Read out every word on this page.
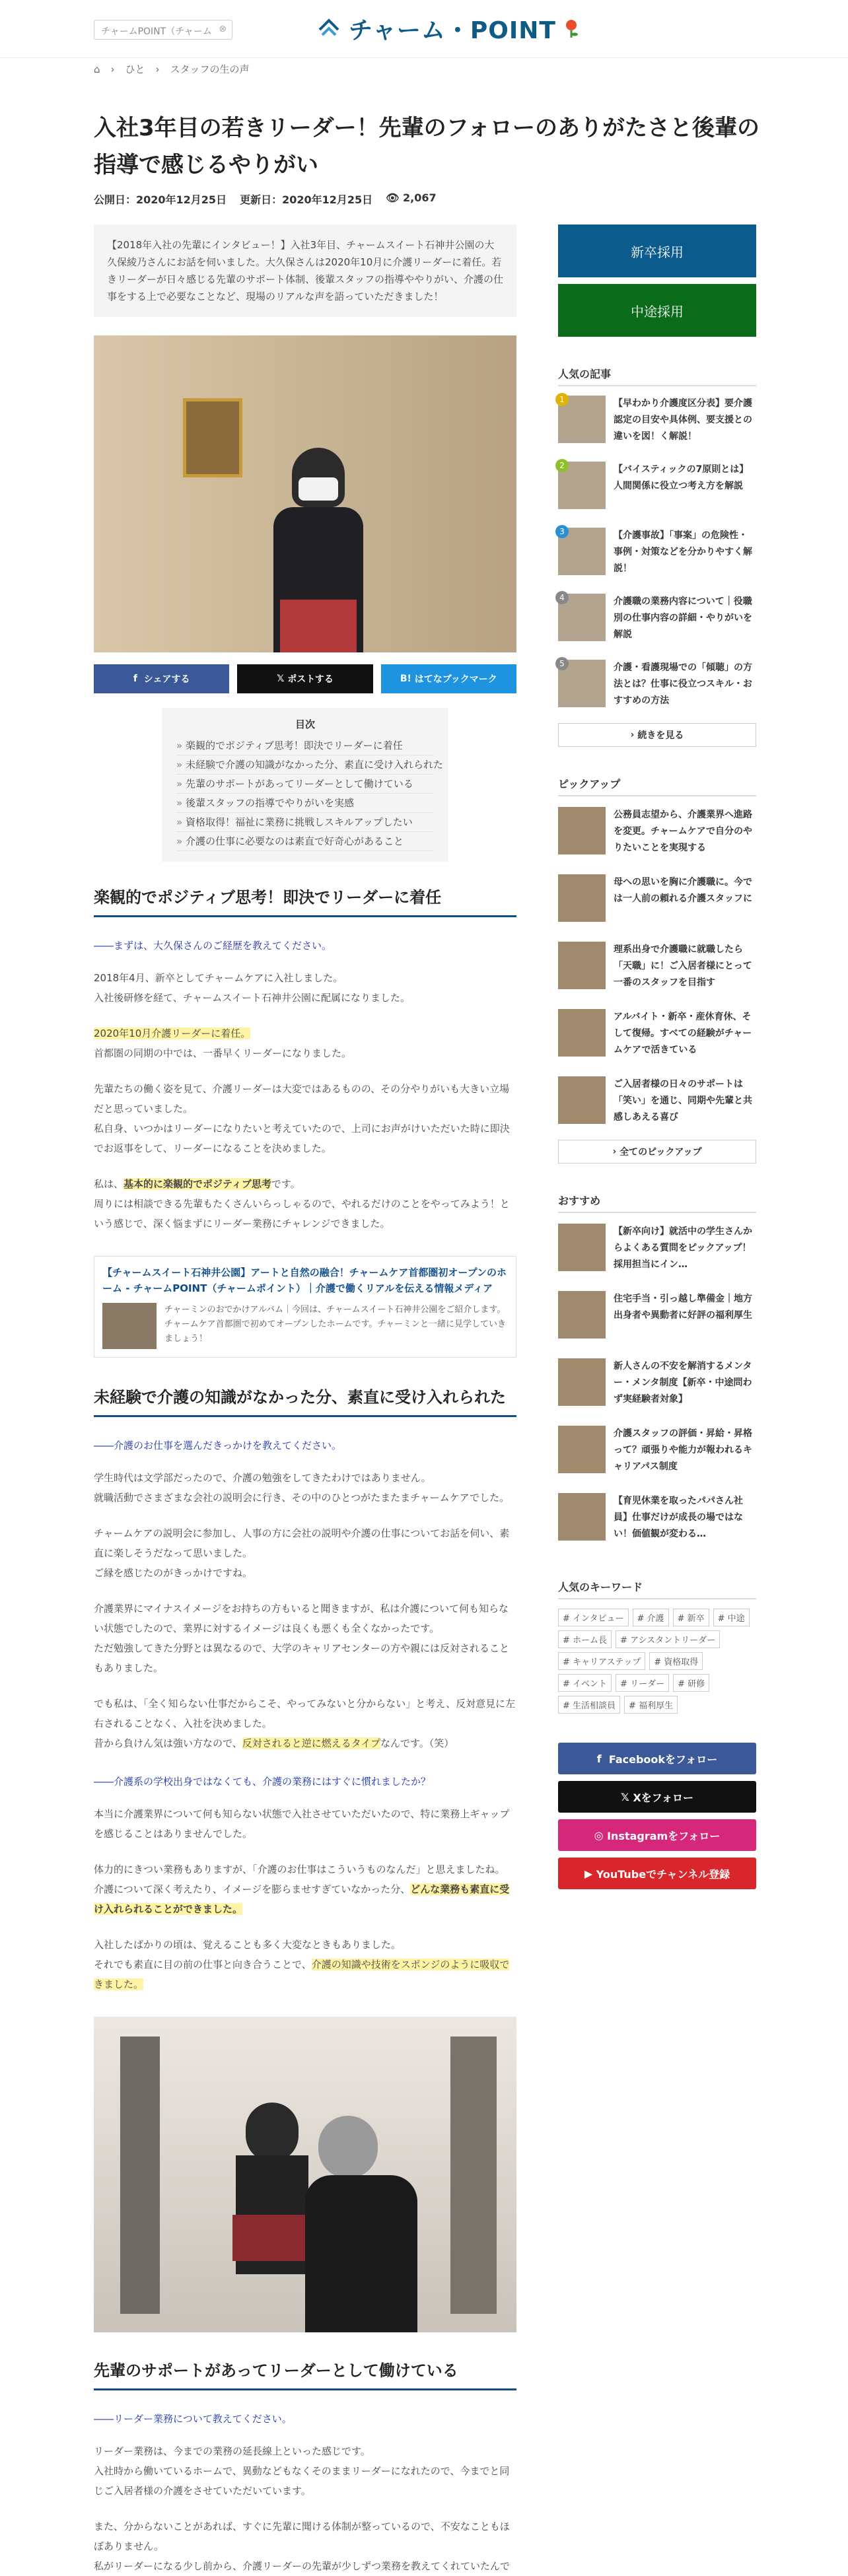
チャームPOINT（チャーム ⊗	チャーム・POINT
⌂ › ひと › スタッフの生の声
入社3年目の若きリーダー！先輩のフォローのありがたさと後輩の指導で感じるやりがい
公開日：2020年12月25日 更新日：2020年12月25日 👁 2,067
【2018年入社の先輩にインタビュー！】入社3年目、チャームスイート石神井公園の大久保綾乃さんにお話を伺いました。大久保さんは2020年10月に介護リーダーに着任。若きリーダーが日々感じる先輩のサポート体制、後輩スタッフの指導ややりがい、介護の仕事をする上で必要なことなど、現場のリアルな声を語っていただきました！
f シェアする	𝕏 ポストする	B! はてなブックマーク
目次
» 楽観的でポジティブ思考！即決でリーダーに着任
» 未経験で介護の知識がなかった分、素直に受け入れられた
» 先輩のサポートがあってリーダーとして働けている
» 後輩スタッフの指導でやりがいを実感
» 資格取得！福祉に業務に挑戦しスキルアップしたい
» 介護の仕事に必要なのは素直で好奇心があること
楽観的でポジティブ思考！即決でリーダーに着任
――まずは、大久保さんのご経歴を教えてください。

2018年4月、新卒としてチャームケアに入社しました。
入社後研修を経て、チャームスイート石神井公園に配属になりました。

2020年10月介護リーダーに着任。
首都圏の同期の中では、一番早くリーダーになりました。

先輩たちの働く姿を見て、介護リーダーは大変ではあるものの、その分やりがいも大きい立場だと思っていました。
私自身、いつかはリーダーになりたいと考えていたので、上司にお声がけいただいた時に即決でお返事をして、リーダーになることを決めました。

私は、基本的に楽観的でポジティブ思考です。
周りには相談できる先輩もたくさんいらっしゃるので、やれるだけのことをやってみよう！という感じで、深く悩まずにリーダー業務にチャレンジできました。

【チャームスイート石神井公園】アートと自然の融合！チャームケア首都圏初オープンのホーム - チャームPOINT（チャームポイント）｜介護で働くリアルを伝える情報メディア
チャーミンのおでかけアルバム｜今回は、チャームスイート石神井公園をご紹介します。チャームケア首都圏で初めてオープンしたホームです。チャーミンと一緒に見学していきましょう！
未経験で介護の知識がなかった分、素直に受け入れられた
――介護のお仕事を選んだきっかけを教えてください。

学生時代は文学部だったので、介護の勉強をしてきたわけではありません。
就職活動でさまざまな会社の説明会に行き、その中のひとつがたまたまチャームケアでした。

チャームケアの説明会に参加し、人事の方に会社の説明や介護の仕事についてお話を伺い、素直に楽しそうだなって思いました。
ご縁を感じたのがきっかけですね。

介護業界にマイナスイメージをお持ちの方もいると聞きますが、私は介護について何も知らない状態でしたので、業界に対するイメージは良くも悪くも全くなかったです。
ただ勉強してきた分野とは異なるので、大学のキャリアセンターの方や親には反対されることもありました。

でも私は、「全く知らない仕事だからこそ、やってみないと分からない」と考え、反対意見に左右されることなく、入社を決めました。
昔から負けん気は強い方なので、反対されると逆に燃えるタイプなんです。（笑）

――介護系の学校出身ではなくても、介護の業務にはすぐに慣れましたか？

本当に介護業界について何も知らない状態で入社させていただいたので、特に業務上ギャップを感じることはありませんでした。

体力的にきつい業務もありますが、「介護のお仕事はこういうものなんだ」と思えましたね。
介護について深く考えたり、イメージを膨らませすぎていなかった分、どんな業務も素直に受け入れられることができました。

入社したばかりの頃は、覚えることも多く大変なときもありました。
それでも素直に目の前の仕事と向き合うことで、介護の知識や技術をスポンジのように吸収できました。

先輩のサポートがあってリーダーとして働けている
――リーダー業務について教えてください。

リーダー業務は、今までの業務の延長線上といった感じです。
入社時から働いているホームで、異動などもなくそのままリーダーになれたので、今までと同じご入居者様の介護をさせていただいています。

また、分からないことがあれば、すぐに先輩に聞ける体制が整っているので、不安なこともほぼありません。
私がリーダーになる少し前から、介護リーダーの先輩が少しずつ業務を教えてくれていたんで

新卒採用
中途採用
人気の記事
1	【早わかり介護度区分表】要介護認定の目安や具体例、要支援との違いを図！く解説！
2	【バイスティックの7原則とは】人間関係に役立つ考え方を解説
3	【介護事故】「事案」の危険性・事例・対策などを分かりやすく解説！
4	介護職の業務内容について｜役職別の仕事内容の詳細・やりがいを解説
5	介護・看護現場での「傾聴」の方法とは？仕事に役立つスキル・おすすめの方法
› 続きを見る
ピックアップ
公務員志望から、介護業界へ進路を変更。チャームケアで自分のやりたいことを実現する
母への思いを胸に介護職に。今では一人前の頼れる介護スタッフに
理系出身で介護職に就職したら「天職」に！ご入居者様にとって一番のスタッフを目指す
アルバイト・新卒・産休育休、そして復帰。すべての経験がチャームケアで活きている
ご入居者様の日々のサポートは「笑い」を通じ、同期や先輩と共感しあえる喜び
› 全てのピックアップ
おすすめ
【新卒向け】就活中の学生さんからよくある質問をピックアップ！採用担当にイン…
住宅手当・引っ越し準備金｜地方出身者や異動者に好評の福利厚生
新人さんの不安を解消するメンター・メンタ制度【新卒・中途問わず実経験者対象】
介護スタッフの評価・昇給・昇格って？頑張りや能力が報われるキャリアパス制度
【育児休業を取ったパパさん社員】仕事だけが成長の場ではない！価値観が変わる…
人気のキーワード
# インタビュー	# 介護	# 新卒	# 中途
# ホーム長	# アシスタントリーダー
# キャリアステップ	# 資格取得
# イベント	# リーダー	# 研修
# 生活相談員	# 福利厚生
f Facebookをフォロー
𝕏 Xをフォロー
◎ Instagramをフォロー
▶ YouTubeでチャンネル登録
